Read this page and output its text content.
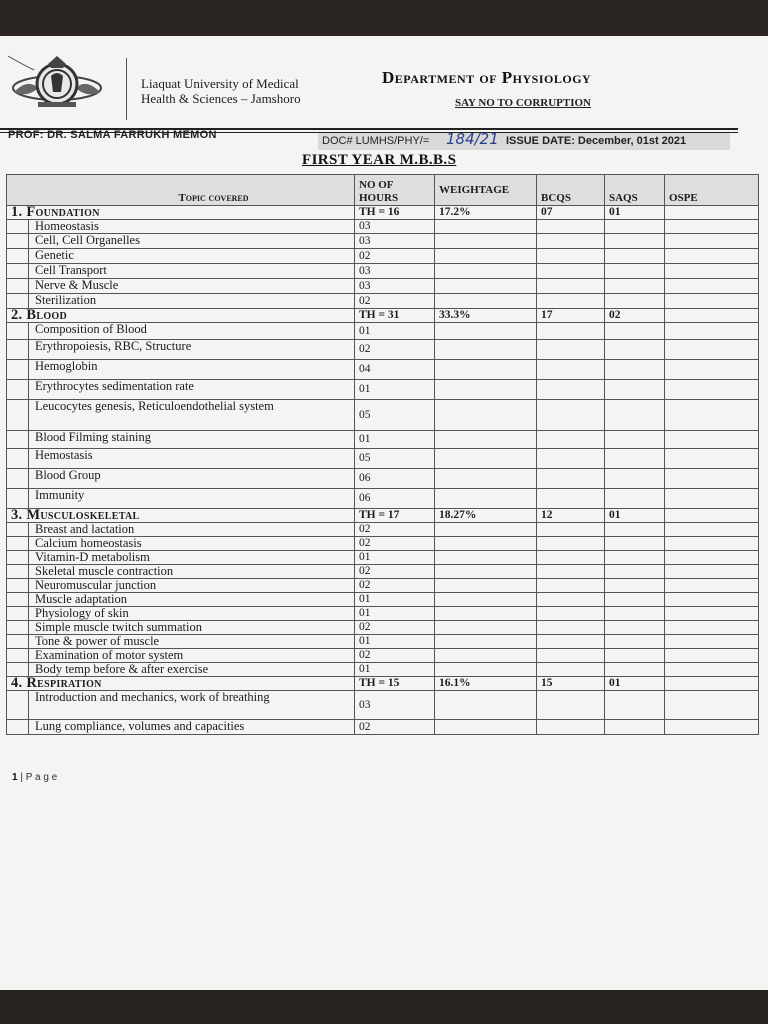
Liaquat University of Medical
Health & Sciences – Jamshoro
Department of Physiology
SAY NO TO CORRUPTION
PROF: DR. SALMA FARRUKH MEMON	DOC# LUMHS/PHY/= 184/21 ISSUE DATE: December, 01st 2021
FIRST YEAR M.B.B.S
Topic covered		NO OF HOURS	WEIGHTAGE	BCQS	SAQS	OSPE
1. Foundation		TH = 16	17.2%	07	01	
	Homeostasis	03				
	Cell, Cell Organelles	03				
	Genetic	02				
	Cell Transport	03				
	Nerve & Muscle	03				
	Sterilization	02				
2. Blood		TH = 31	33.3%	17	02	
	Composition of Blood	01				
	Erythropoiesis, RBC, Structure	02				
	Hemoglobin	04				
	Erythrocytes sedimentation rate	01				
	Leucocytes genesis, Reticuloendothelial system	05				
	Blood Filming staining	01				
	Hemostasis	05				
	Blood Group	06				
	Immunity	06				
3. Musculoskeletal		TH = 17	18.27%	12	01	
	Breast and lactation	02				
	Calcium homeostasis	02				
	Vitamin-D metabolism	01				
	Skeletal muscle contraction	02				
	Neuromuscular junction	02				
	Muscle adaptation	01				
	Physiology of skin	01				
	Simple muscle twitch summation	02				
	Tone & power of muscle	01				
	Examination of motor system	02				
	Body temp before & after exercise	01				
4. Respiration		TH = 15	16.1%	15	01	
	Introduction and mechanics, work of breathing	03				
	Lung compliance, volumes and capacities	02				
1 | P a g e
